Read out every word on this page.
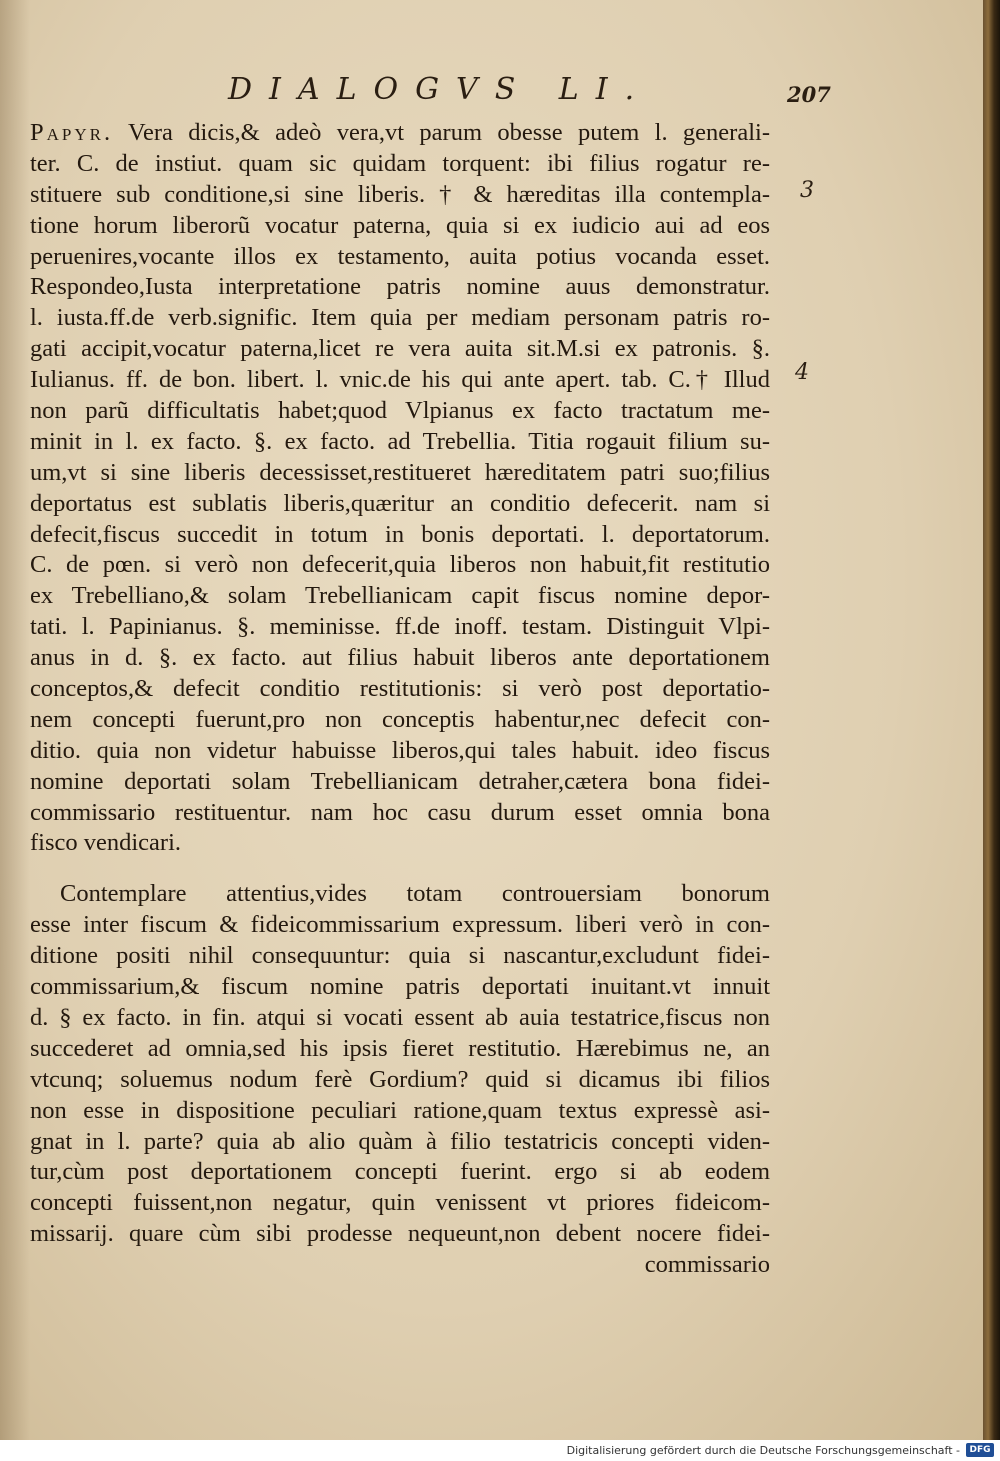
DIALOGVS LI.	207
3
4
Papyr. Vera dicis,& adeò vera,vt parum obesse putem l. generali-
ter. C. de instiut. quam sic quidam torquent: ibi filius rogatur re-
stituere sub conditione,si sine liberis. † & hæreditas illa contempla-
tione horum liberorũ vocatur paterna, quia si ex iudicio aui ad eos
peruenires,vocante illos ex testamento, auita potius vocanda esset.
Respondeo,Iusta interpretatione patris nomine auus demonstratur.
l. iusta.ff.de verb.signific. Item quia per mediam personam patris ro-
gati accipit,vocatur paterna,licet re vera auita sit.M.si ex patronis. §.
Iulianus. ff. de bon. libert. l. vnic.de his qui ante apert. tab. C.† Illud
non parũ difficultatis habet;quod Vlpianus ex facto tractatum me-
minit in l. ex facto. §. ex facto. ad Trebellia. Titia rogauit filium su-
um,vt si sine liberis decessisset,restitueret hæreditatem patri suo;filius
deportatus est sublatis liberis,quæritur an conditio defecerit. nam si
defecit,fiscus succedit in totum in bonis deportati. l. deportatorum.
C. de pœn. si verò non defecerit,quia liberos non habuit,fit restitutio
ex Trebelliano,& solam Trebellianicam capit fiscus nomine depor-
tati. l. Papinianus. §. meminisse. ff.de inoff. testam. Distinguit Vlpi-
anus in d. §. ex facto. aut filius habuit liberos ante deportationem
conceptos,& defecit conditio restitutionis: si verò post deportatio-
nem concepti fuerunt,pro non conceptis habentur,nec defecit con-
ditio. quia non videtur habuisse liberos,qui tales habuit. ideo fiscus
nomine deportati solam Trebellianicam detraher,cætera bona fidei-
commissario restituentur. nam hoc casu durum esset omnia bona
fisco vendicari.
Contemplare attentius,vides totam controuersiam bonorum
esse inter fiscum & fideicommissarium expressum. liberi verò in con-
ditione positi nihil consequuntur: quia si nascantur,excludunt fidei-
commissarium,& fiscum nomine patris deportati inuitant.vt innuit
d. § ex facto. in fin. atqui si vocati essent ab auia testatrice,fiscus non
succederet ad omnia,sed his ipsis fieret restitutio. Hærebimus ne, an
vtcunq; soluemus nodum ferè Gordium? quid si dicamus ibi filios
non esse in dispositione peculiari ratione,quam textus expressè asi-
gnat in l. parte? quia ab alio quàm à filio testatricis concepti viden-
tur,cùm post deportationem concepti fuerint. ergo si ab eodem
concepti fuissent,non negatur, quin venissent vt priores fideicom-
missarij. quare cùm sibi prodesse nequeunt,non debent nocere fidei-
commissario
Digitalisierung gefördert durch die Deutsche Forschungsgemeinschaft -	DFG
